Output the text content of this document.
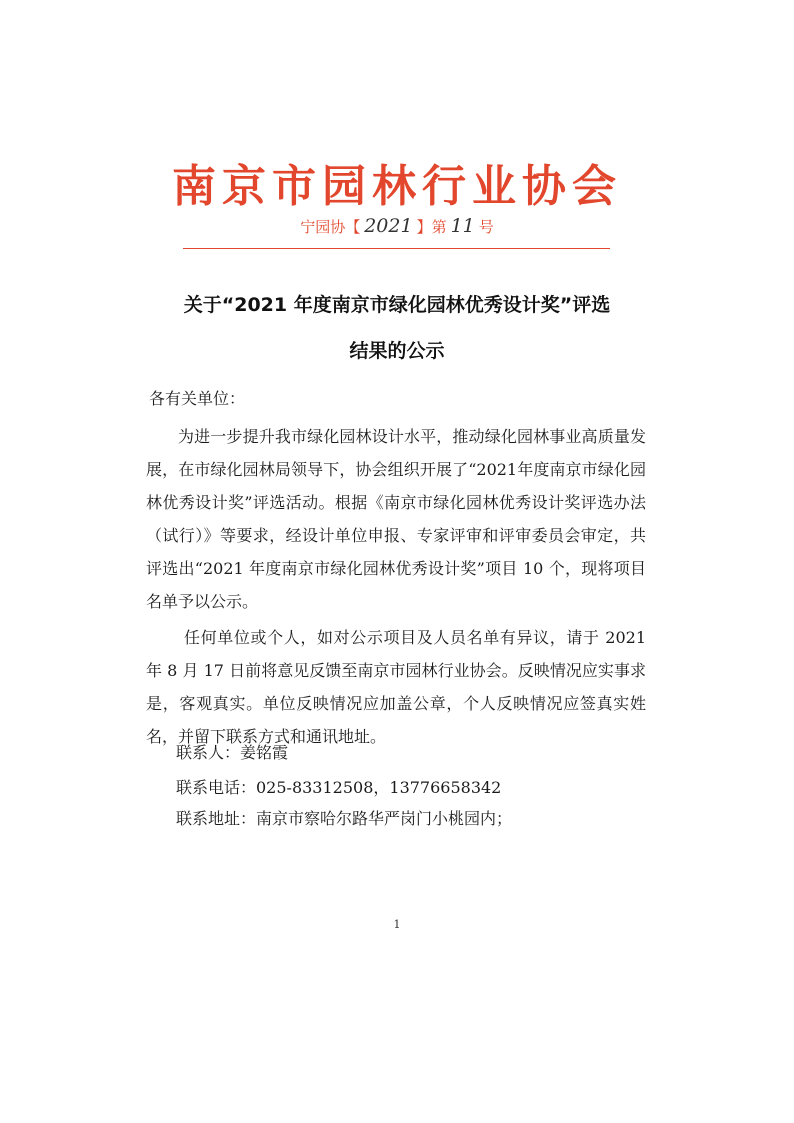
南京市园林行业协会
宁园协【 2021 】第 11 号
关于“2021 年度南京市绿化园林优秀设计奖”评选
结果的公示
各有关单位：

为进一步提升我市绿化园林设计水平，推动绿化园林事业高质量发展，在市绿化园林局领导下，协会组织开展了“2021年度南京市绿化园林优秀设计奖”评选活动。根据《南京市绿化园林优秀设计奖评选办法（试行）》等要求，经设计单位申报、专家评审和评审委员会审定，共评选出“2021 年度南京市绿化园林优秀设计奖”项目 10 个，现将项目名单予以公示。

任何单位或个人，如对公示项目及人员名单有异议，请于 2021 年 8 月 17 日前将意见反馈至南京市园林行业协会。反映情况应实事求是，客观真实。单位反映情况应加盖公章，个人反映情况应签真实姓名，并留下联系方式和通讯地址。

联系人：姜铭霞
联系电话：025-83312508，13776658342
联系地址：南京市察哈尔路华严岗门小桃园内；
1
